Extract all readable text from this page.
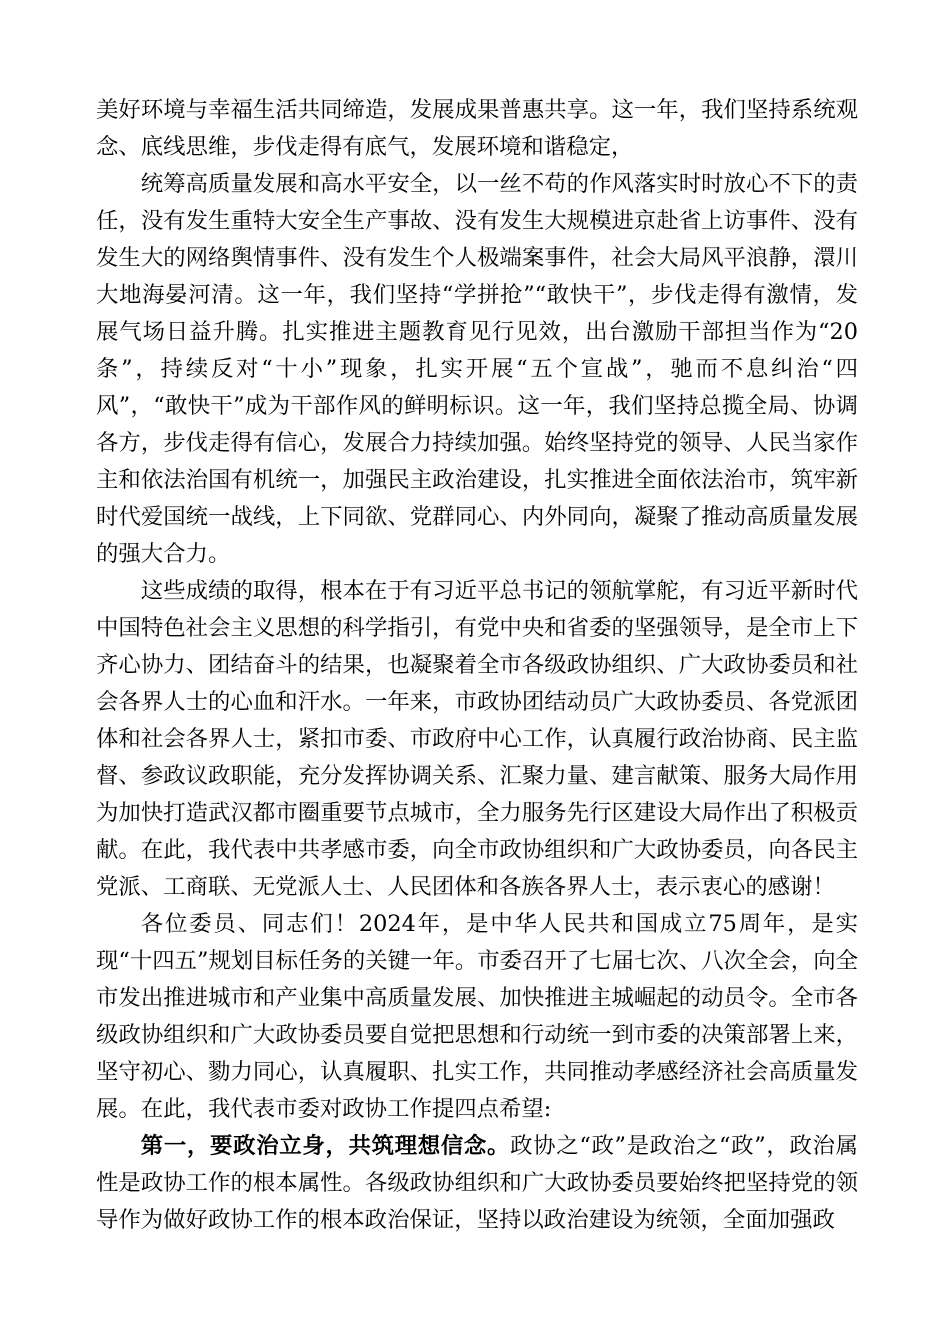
美好环境与幸福生活共同缔造，发展成果普惠共享。这一年，我们坚持系统观念、底线思维，步伐走得有底气，发展环境和谐稳定，

统筹高质量发展和高水平安全，以一丝不苟的作风落实时时放心不下的责任，没有发生重特大安全生产事故、没有发生大规模进京赴省上访事件、没有发生大的网络舆情事件、没有发生个人极端案事件，社会大局风平浪静，澴川大地海晏河清。这一年，我们坚持“学拼抢”“敢快干”，步伐走得有激情，发展气场日益升腾。扎实推进主题教育见行见效，出台激励干部担当作为“20条”，持续反对“十小”现象，扎实开展“五个宣战”，驰而不息纠治“四风”，“敢快干”成为干部作风的鲜明标识。这一年，我们坚持总揽全局、协调各方，步伐走得有信心，发展合力持续加强。始终坚持党的领导、人民当家作主和依法治国有机统一，加强民主政治建设，扎实推进全面依法治市，筑牢新时代爱国统一战线，上下同欲、党群同心、内外同向，凝聚了推动高质量发展的强大合力。

这些成绩的取得，根本在于有习近平总书记的领航掌舵，有习近平新时代中国特色社会主义思想的科学指引，有党中央和省委的坚强领导，是全市上下齐心协力、团结奋斗的结果，也凝聚着全市各级政协组织、广大政协委员和社会各界人士的心血和汗水。一年来，市政协团结动员广大政协委员、各党派团体和社会各界人士，紧扣市委、市政府中心工作，认真履行政治协商、民主监督、参政议政职能，充分发挥协调关系、汇聚力量、建言献策、服务大局作用为加快打造武汉都市圈重要节点城市，全力服务先行区建设大局作出了积极贡献。在此，我代表中共孝感市委，向全市政协组织和广大政协委员，向各民主党派、工商联、无党派人士、人民团体和各族各界人士，表示衷心的感谢！

各位委员、同志们！2024年，是中华人民共和国成立75周年，是实现“十四五”规划目标任务的关键一年。市委召开了七届七次、八次全会，向全市发出推进城市和产业集中高质量发展、加快推进主城崛起的动员令。全市各级政协组织和广大政协委员要自觉把思想和行动统一到市委的决策部署上来，坚守初心、勠力同心，认真履职、扎实工作，共同推动孝感经济社会高质量发展。在此，我代表市委对政协工作提四点希望:

第一，要政治立身，共筑理想信念。政协之“政”是政治之“政”，政治属性是政协工作的根本属性。各级政协组织和广大政协委员要始终把坚持党的领导作为做好政协工作的根本政治保证，坚持以政治建设为统领，全面加强政
